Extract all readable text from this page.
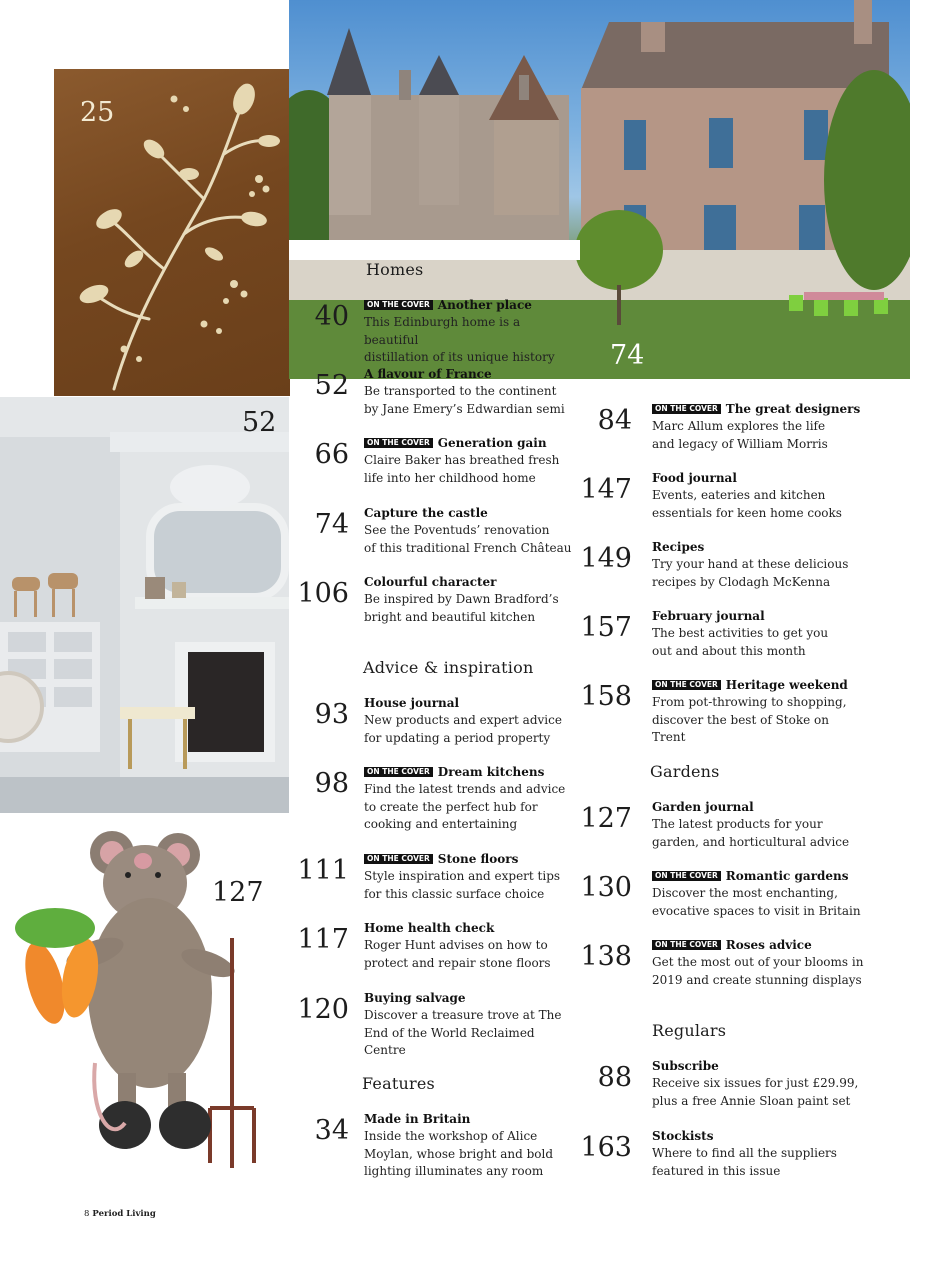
25
74
52
127
Homes
Advice & inspiration
Features
Gardens
Regulars
40	ON THE COVER Another place
This Edinburgh home is a beautiful
distillation of its unique history
52 A flavour of France
Be transported to the continent
by Jane Emery’s Edwardian semi
66	ON THE COVER Generation gain
Claire Baker has breathed fresh
life into her childhood home
74 Capture the castle
See the Poventuds’ renovation
of this traditional French Château
106 Colourful character
Be inspired by Dawn Bradford’s
bright and beautiful kitchen
93 House journal
New products and expert advice
for updating a period property
98	ON THE COVER Dream kitchens
Find the latest trends and advice
to create the perfect hub for
cooking and entertaining
111	ON THE COVER Stone floors
Style inspiration and expert tips
for this classic surface choice
117 Home health check
Roger Hunt advises on how to
protect and repair stone floors
120 Buying salvage
Discover a treasure trove at The
End of the World Reclaimed Centre
34 Made in Britain
Inside the workshop of Alice
Moylan, whose bright and bold
lighting illuminates any room
84	ON THE COVER The great designers
Marc Allum explores the life
and legacy of William Morris
147 Food journal
Events, eateries and kitchen
essentials for keen home cooks
149 Recipes
Try your hand at these delicious
recipes by Clodagh McKenna
157 February journal
The best activities to get you
out and about this month
158	ON THE COVER Heritage weekend
From pot-throwing to shopping,
discover the best of Stoke on Trent
127 Garden journal
The latest products for your
garden, and horticultural advice
130	ON THE COVER Romantic gardens
Discover the most enchanting,
evocative spaces to visit in Britain
138	ON THE COVER Roses advice
Get the most out of your blooms in
2019 and create stunning displays
88 Subscribe
Receive six issues for just £29.99,
plus a free Annie Sloan paint set
163 Stockists
Where to find all the suppliers
featured in this issue
8 Period Living
